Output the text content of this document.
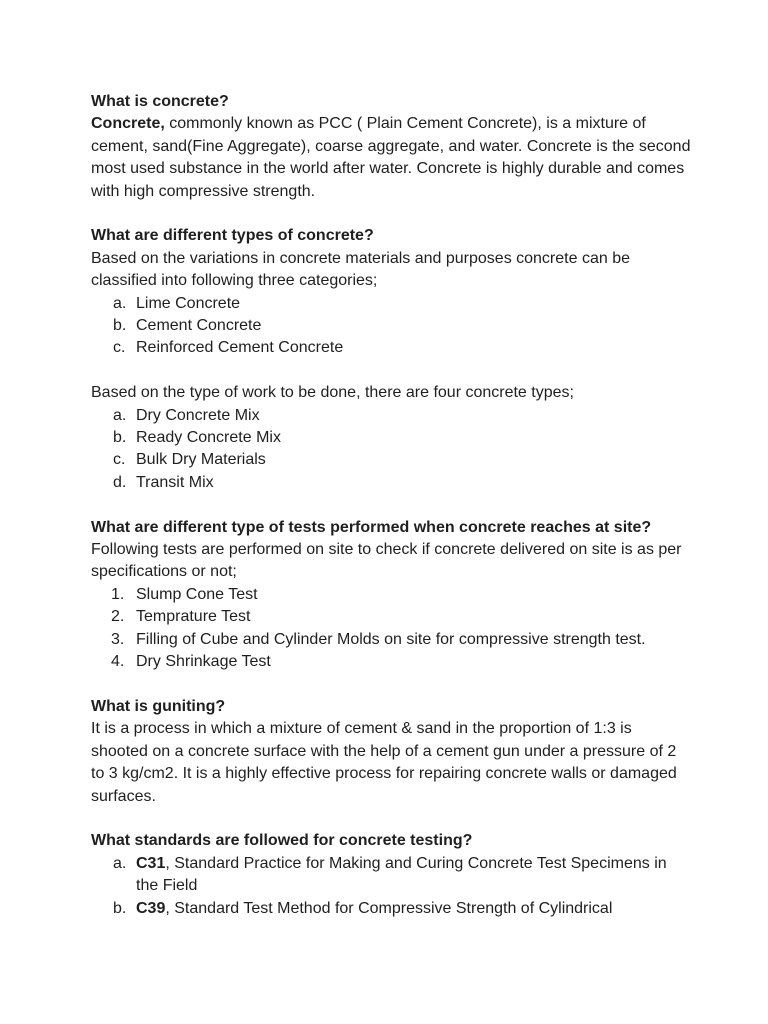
What is concrete?

Concrete, commonly known as PCC ( Plain Cement Concrete), is a mixture of cement, sand(Fine Aggregate), coarse aggregate, and water. Concrete is the second most used substance in the world after water. Concrete is highly durable and comes with high compressive strength.

What are different types of concrete?

Based on the variations in concrete materials and purposes concrete can be classified into following three categories;

a. Lime Concrete
b. Cement Concrete
c. Reinforced Cement Concrete

Based on the type of work to be done, there are four concrete types;

a. Dry Concrete Mix
b. Ready Concrete Mix
c. Bulk Dry Materials
d. Transit Mix

What are different type of tests performed when concrete reaches at site?

Following tests are performed on site to check if concrete delivered on site is as per specifications or not;

1. Slump Cone Test
2. Temprature Test
3. Filling of Cube and Cylinder Molds on site for compressive strength test.
4. Dry Shrinkage Test

What is guniting?

It is a process in which a mixture of cement & sand in the proportion of 1:3 is shooted on a concrete surface with the help of a cement gun under a pressure of 2 to 3 kg/cm2. It is a highly effective process for repairing concrete walls or damaged surfaces.

What standards are followed for concrete testing?

a. C31, Standard Practice for Making and Curing Concrete Test Specimens in the Field
b. C39, Standard Test Method for Compressive Strength of Cylindrical
